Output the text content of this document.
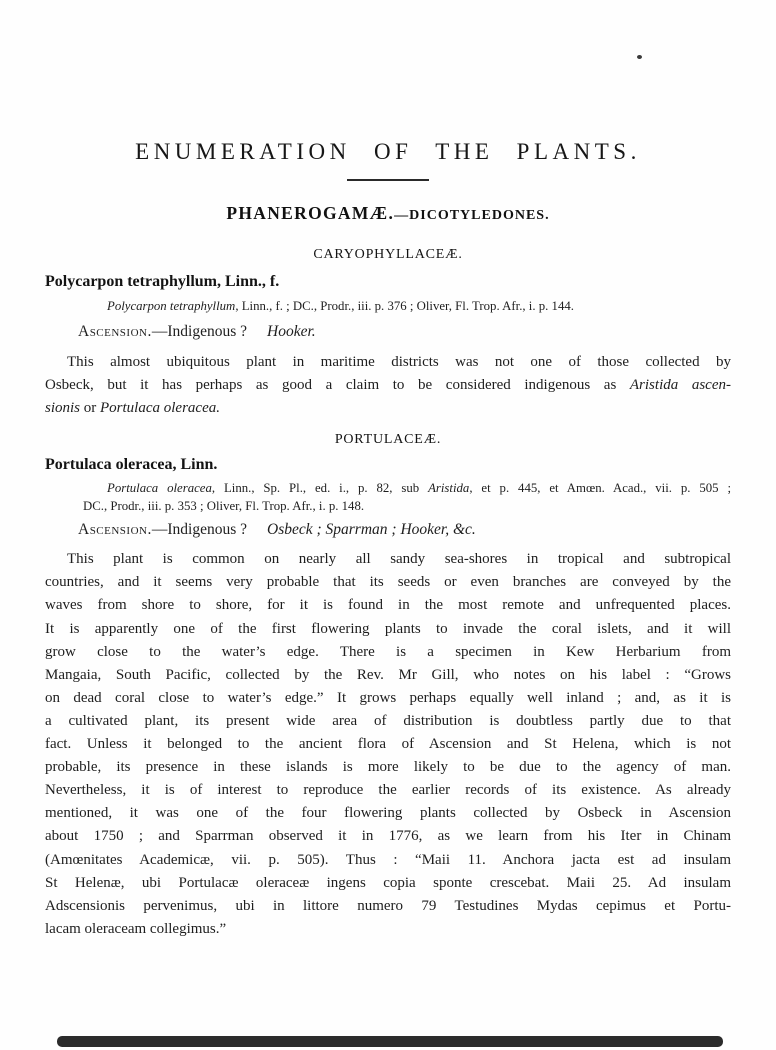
ENUMERATION OF THE PLANTS.
PHANEROGAMÆ.—DICOTYLEDONES.
CARYOPHYLLACEÆ.
Polycarpon tetraphyllum, Linn., f.
Polycarpon tetraphyllum, Linn., f. ; DC., Prodr., iii. p. 376 ; Oliver, Fl. Trop. Afr., i. p. 144.
Ascension.—Indigenous ? Hooker.
This almost ubiquitous plant in maritime districts was not one of those collected by
Osbeck, but it has perhaps as good a claim to be considered indigenous as Aristida ascen-
sionis or Portulaca oleracea.
PORTULACEÆ.
Portulaca oleracea, Linn.
Portulaca oleracea, Linn., Sp. Pl., ed. i., p. 82, sub Aristida, et p. 445, et Amœn. Acad., vii. p. 505 ;
DC., Prodr., iii. p. 353 ; Oliver, Fl. Trop. Afr., i. p. 148.
Ascension.—Indigenous ? Osbeck ; Sparrman ; Hooker, &c.
This plant is common on nearly all sandy sea-shores in tropical and subtropical
countries, and it seems very probable that its seeds or even branches are conveyed by the
waves from shore to shore, for it is found in the most remote and unfrequented places.
It is apparently one of the first flowering plants to invade the coral islets, and it will
grow close to the water’s edge. There is a specimen in Kew Herbarium from
Mangaia, South Pacific, collected by the Rev. Mr Gill, who notes on his label : “Grows
on dead coral close to water’s edge.” It grows perhaps equally well inland ; and, as it is
a cultivated plant, its present wide area of distribution is doubtless partly due to that
fact. Unless it belonged to the ancient flora of Ascension and St Helena, which is not
probable, its presence in these islands is more likely to be due to the agency of man.
Nevertheless, it is of interest to reproduce the earlier records of its existence. As already
mentioned, it was one of the four flowering plants collected by Osbeck in Ascension
about 1750 ; and Sparrman observed it in 1776, as we learn from his Iter in Chinam
(Amœnitates Academicæ, vii. p. 505). Thus : “Maii 11. Anchora jacta est ad insulam
St Helenæ, ubi Portulacæ oleraceæ ingens copia sponte crescebat. Maii 25. Ad insulam
Adscensionis pervenimus, ubi in littore numero 79 Testudines Mydas cepimus et Portu-
lacam oleraceam collegimus.”
